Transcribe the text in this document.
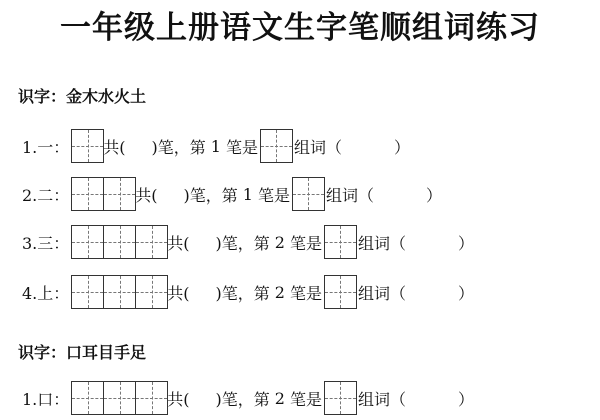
一年级上册语文生字笔顺组词练习
识字：金木水火土
1.一： 共( )笔，第 1 笔是 组词（	）
2.二：	共( )笔，第 1 笔是 组词（	）
3.三：	共( )笔，第 2 笔是 组词（	）
4.上：	共( )笔，第 2 笔是 组词（	）
识字：口耳目手足
1.口：	共( )笔，第 2 笔是 组词（	）
